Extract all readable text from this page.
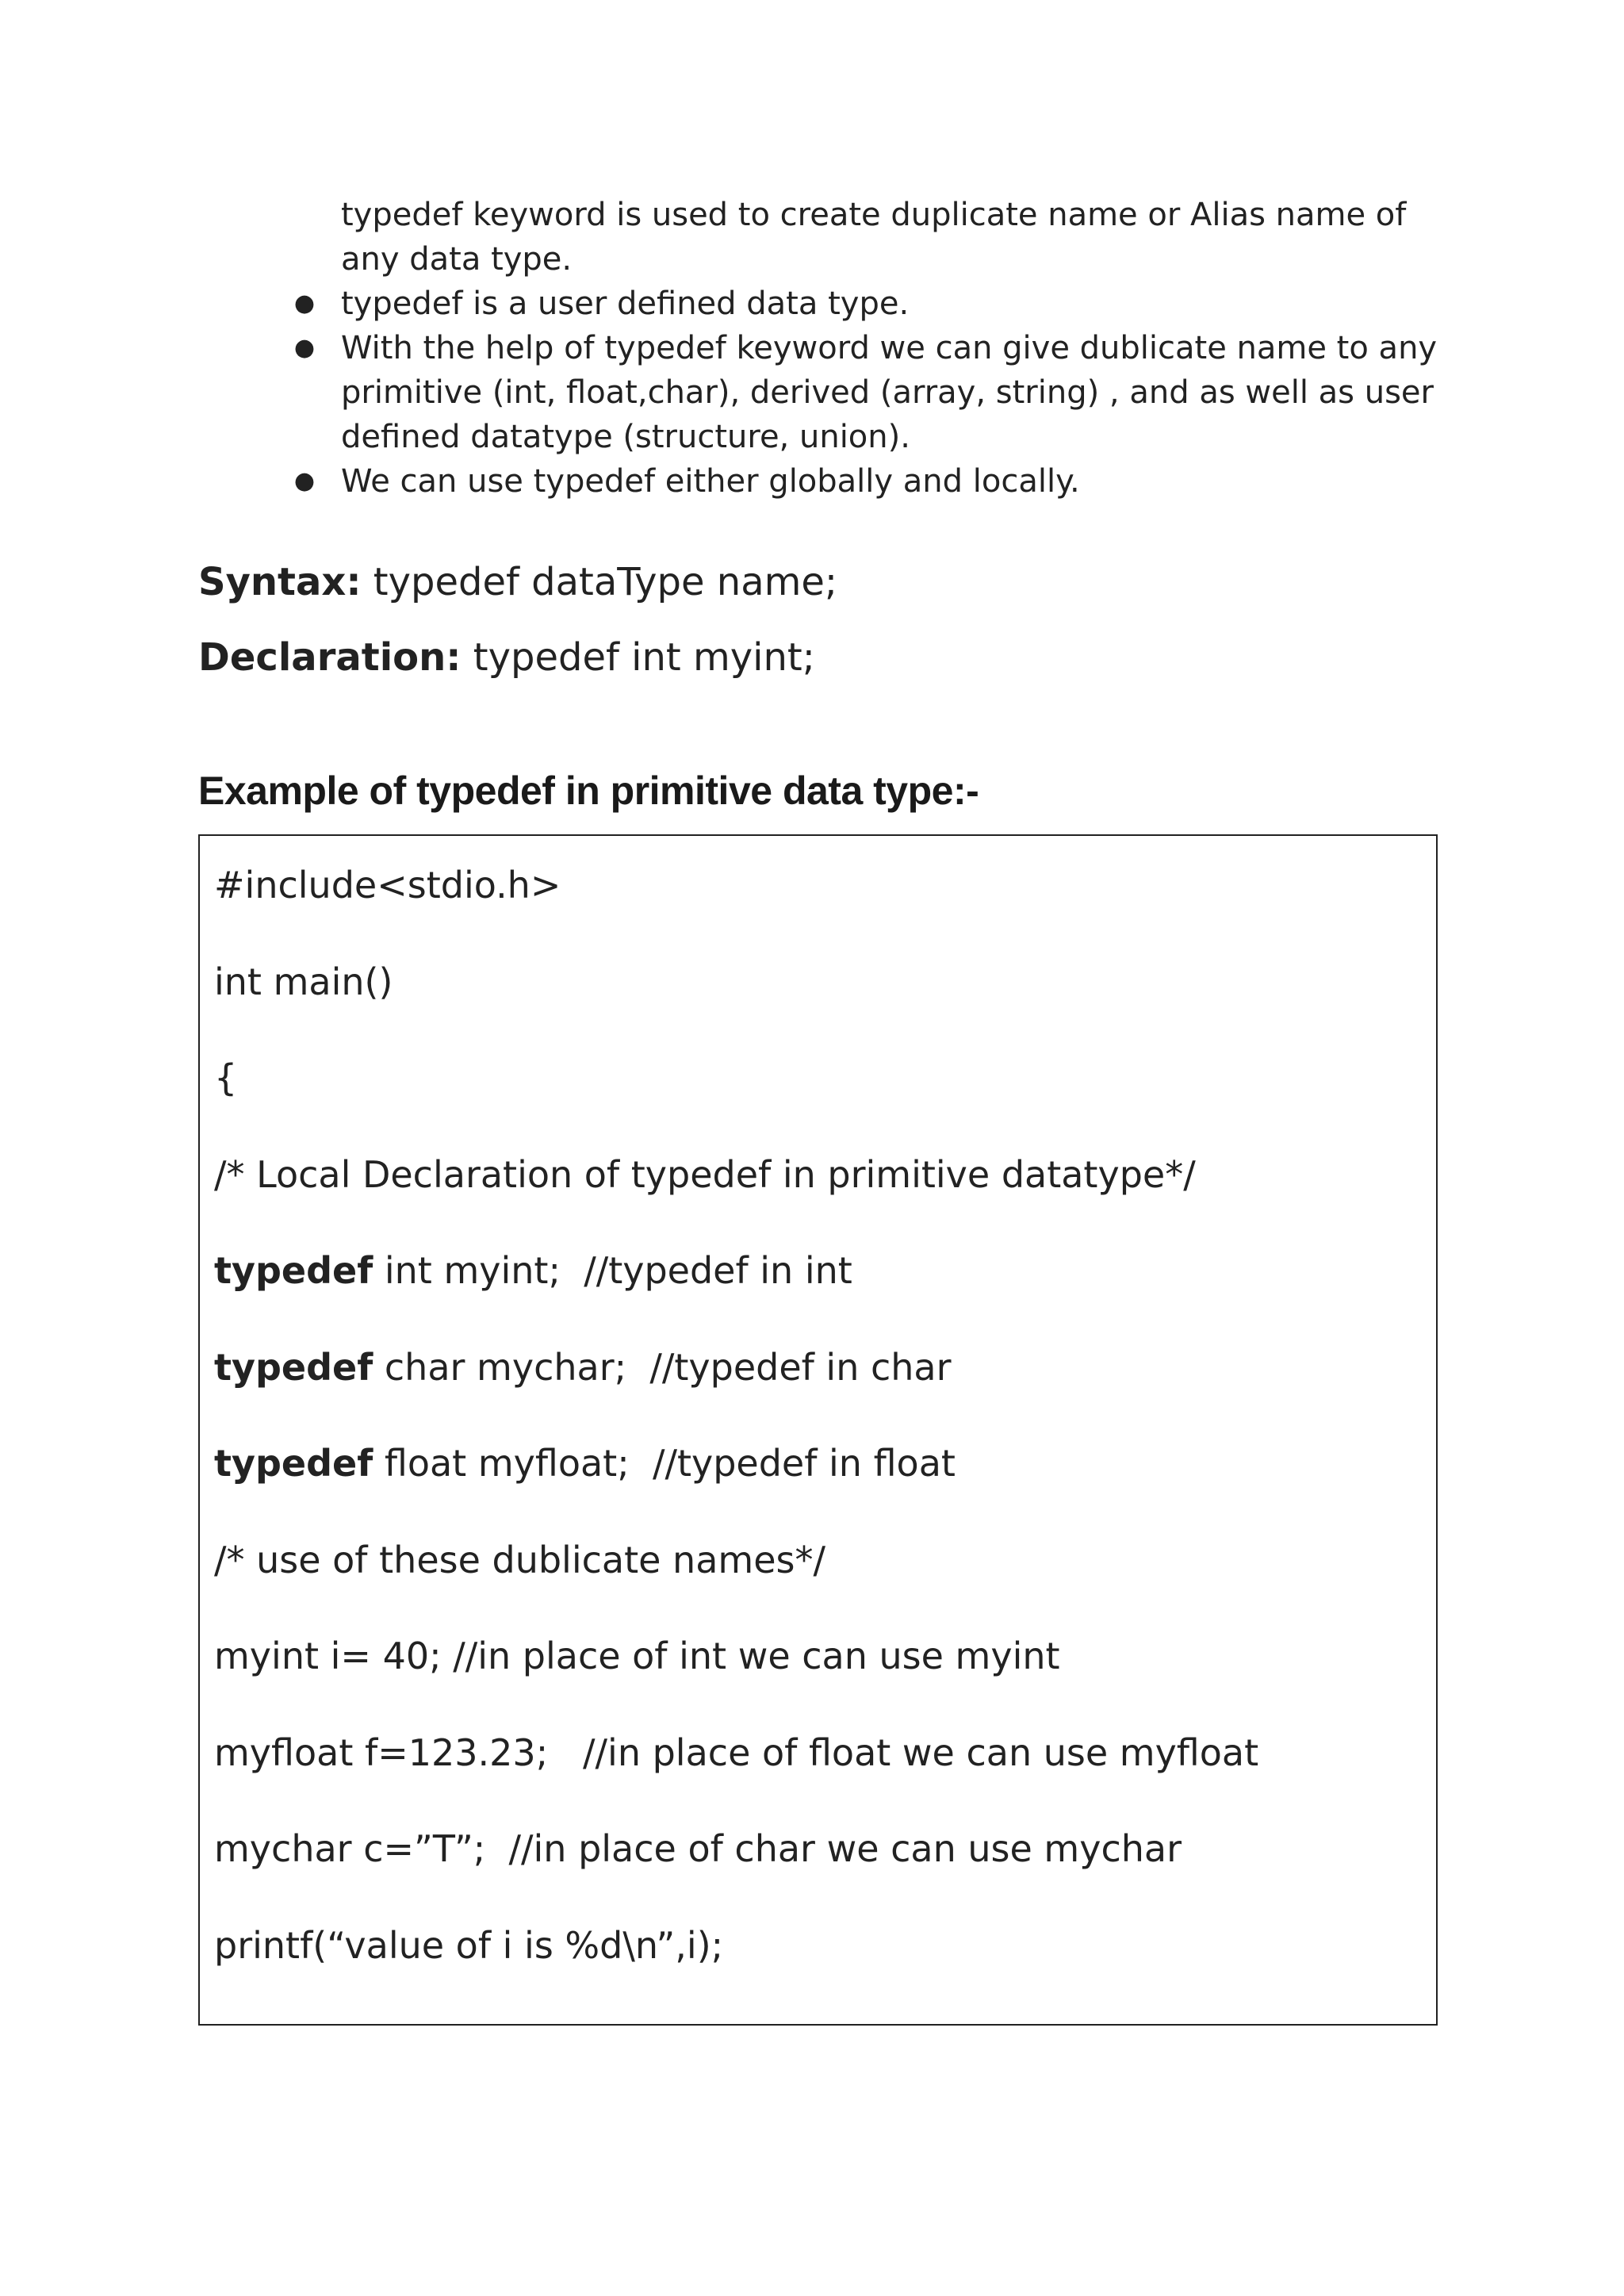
typedef keyword is used to create duplicate name or Alias name of any data type.

● typedef is a user defined data type.
● With the help of typedef keyword we can give dublicate name to any primitive (int, float,char), derived (array, string) , and as well as user defined datatype (structure, union).
● We can use typedef either globally and locally.
Syntax: typedef dataType name;
Declaration: typedef int myint;
Example of typedef in primitive data type:-
#include<stdio.h>
int main()
{
/* Local Declaration of typedef in primitive datatype*/
typedef int myint;  //typedef in int
typedef char mychar;  //typedef in char
typedef float myfloat;  //typedef in float
/* use of these dublicate names*/
myint i= 40; //in place of int we can use myint
myfloat f=123.23;   //in place of float we can use myfloat
mychar c=”T”;  //in place of char we can use mychar
printf(“value of i is %d\n”,i);
